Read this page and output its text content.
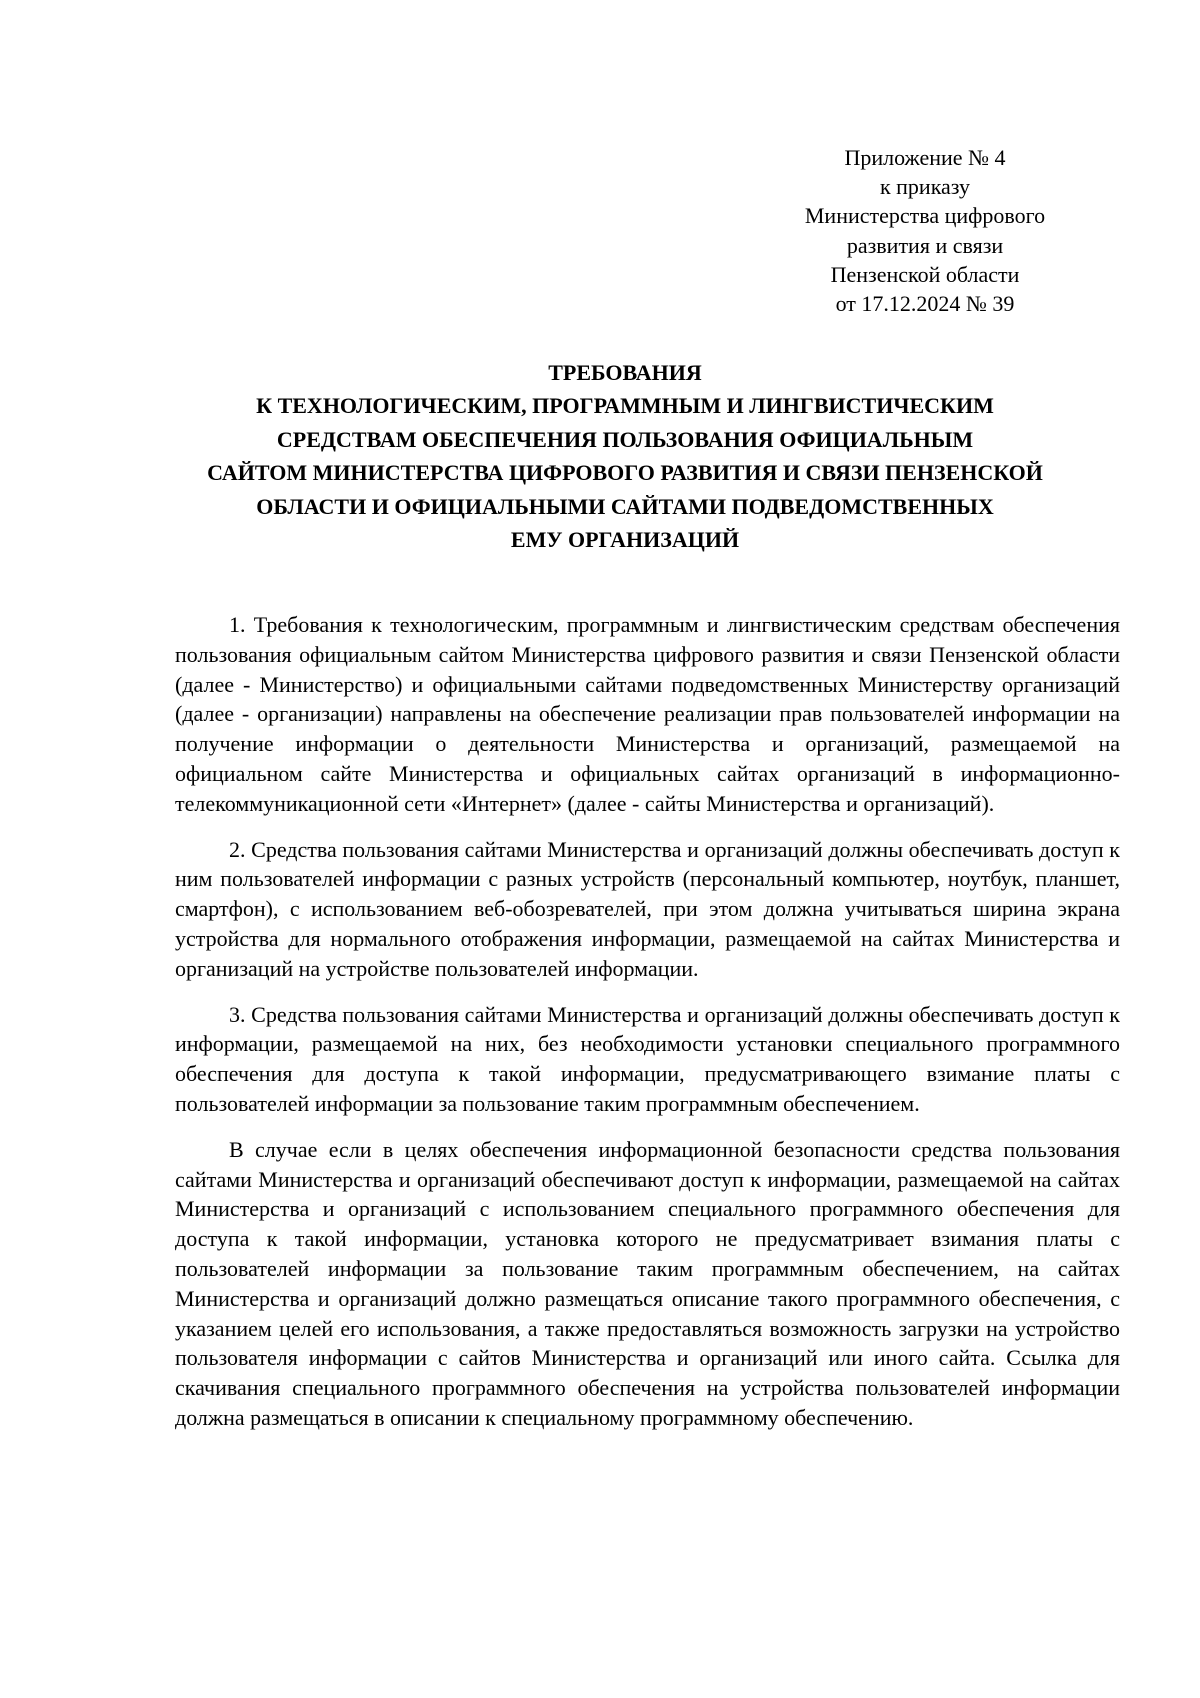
Приложение № 4
к приказу
Министерства цифрового
развития и связи
Пензенской области
от 17.12.2024 № 39
ТРЕБОВАНИЯ
К ТЕХНОЛОГИЧЕСКИМ, ПРОГРАММНЫМ И ЛИНГВИСТИЧЕСКИМ
СРЕДСТВАМ ОБЕСПЕЧЕНИЯ ПОЛЬЗОВАНИЯ ОФИЦИАЛЬНЫМ
САЙТОМ МИНИСТЕРСТВА ЦИФРОВОГО РАЗВИТИЯ И СВЯЗИ ПЕНЗЕНСКОЙ
ОБЛАСТИ И ОФИЦИАЛЬНЫМИ САЙТАМИ ПОДВЕДОМСТВЕННЫХ
ЕМУ ОРГАНИЗАЦИЙ

1. Требования к технологическим, программным и лингвистическим средствам обеспечения пользования официальным сайтом Министерства цифрового развития и связи Пензенской области (далее - Министерство) и официальными сайтами подведомственных Министерству организаций (далее - организации) направлены на обеспечение реализации прав пользователей информации на получение информации о деятельности Министерства и организаций, размещаемой на официальном сайте Министерства и официальных сайтах организаций в информационно-телекоммуникационной сети «Интернет» (далее - сайты Министерства и организаций).

2. Средства пользования сайтами Министерства и организаций должны обеспечивать доступ к ним пользователей информации с разных устройств (персональный компьютер, ноутбук, планшет, смартфон), с использованием веб-обозревателей, при этом должна учитываться ширина экрана устройства для нормального отображения информации, размещаемой на сайтах Министерства и организаций на устройстве пользователей информации.

3. Средства пользования сайтами Министерства и организаций должны обеспечивать доступ к информации, размещаемой на них, без необходимости установки специального программного обеспечения для доступа к такой информации, предусматривающего взимание платы с пользователей информации за пользование таким программным обеспечением.

В случае если в целях обеспечения информационной безопасности средства пользования сайтами Министерства и организаций обеспечивают доступ к информации, размещаемой на сайтах Министерства и организаций с использованием специального программного обеспечения для доступа к такой информации, установка которого не предусматривает взимания платы с пользователей информации за пользование таким программным обеспечением, на сайтах Министерства и организаций должно размещаться описание такого программного обеспечения, с указанием целей его использования, а также предоставляться возможность загрузки на устройство пользователя информации с сайтов Министерства и организаций или иного сайта. Ссылка для скачивания специального программного обеспечения на устройства пользователей информации должна размещаться в описании к специальному программному обеспечению.
